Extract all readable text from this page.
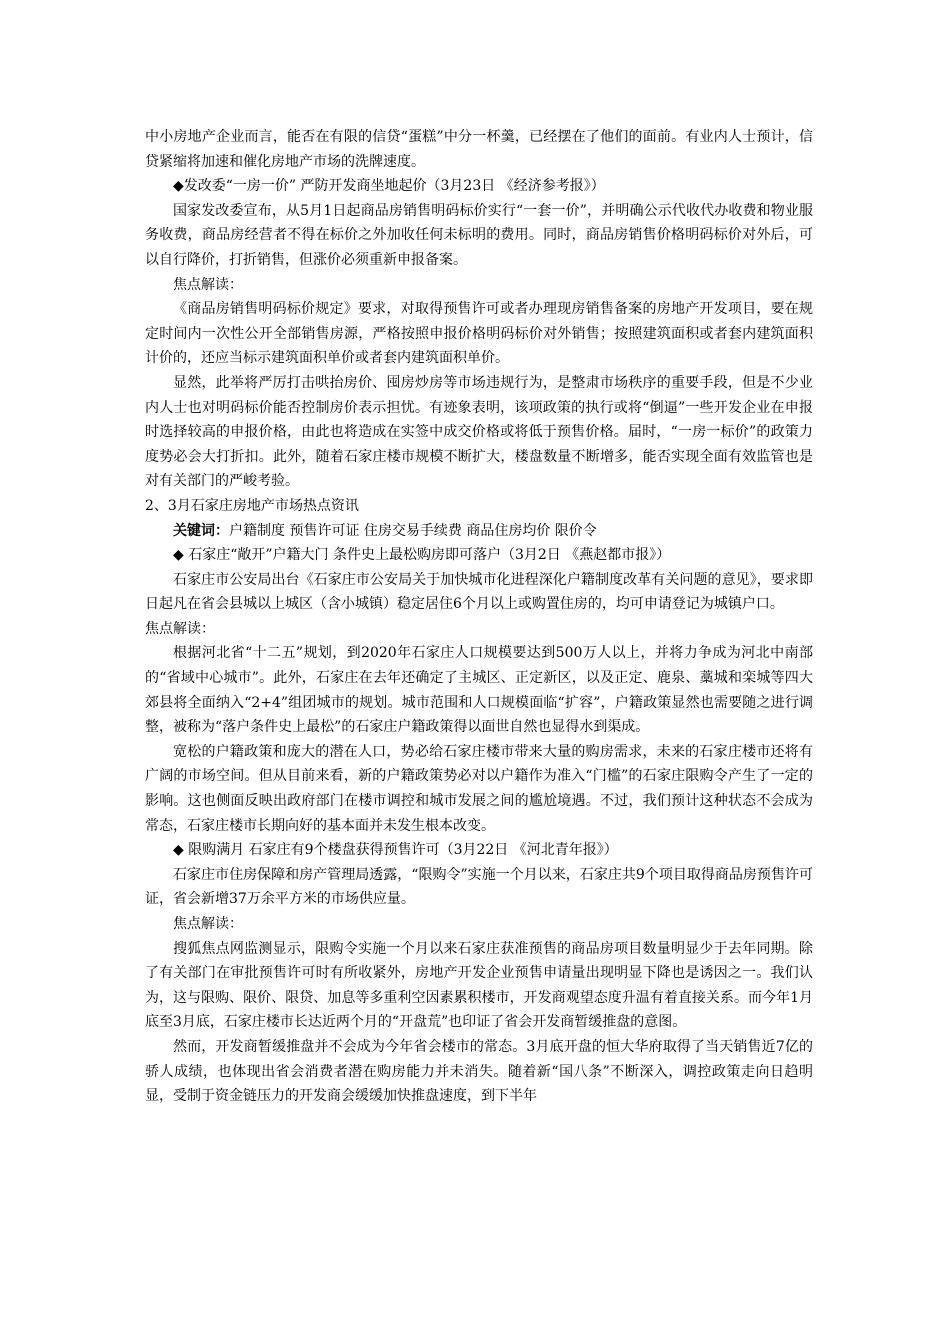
中小房地产企业而言，能否在有限的信贷“蛋糕”中分一杯羹，已经摆在了他们的面前。有业内人士预计，信贷紧缩将加速和催化房地产市场的洗牌速度。

◆发改委“一房一价” 严防开发商坐地起价（3月23日 《经济参考报》）

国家发改委宣布，从5月1日起商品房销售明码标价实行“一套一价”，并明确公示代收代办收费和物业服务收费，商品房经营者不得在标价之外加收任何未标明的费用。同时，商品房销售价格明码标价对外后，可以自行降价，打折销售，但涨价必须重新申报备案。

焦点解读：

《商品房销售明码标价规定》要求，对取得预售许可或者办理现房销售备案的房地产开发项目，要在规定时间内一次性公开全部销售房源，严格按照申报价格明码标价对外销售；按照建筑面积或者套内建筑面积计价的，还应当标示建筑面积单价或者套内建筑面积单价。

显然，此举将严厉打击哄抬房价、囤房炒房等市场违规行为，是整肃市场秩序的重要手段，但是不少业内人士也对明码标价能否控制房价表示担忧。有迹象表明，该项政策的执行或将“倒逼”一些开发企业在申报时选择较高的申报价格，由此也将造成在实签中成交价格或将低于预售价格。届时，“一房一标价”的政策力度势必会大打折扣。此外，随着石家庄楼市规模不断扩大，楼盘数量不断增多，能否实现全面有效监管也是对有关部门的严峻考验。

2、3月石家庄房地产市场热点资讯

关键词：户籍制度 预售许可证 住房交易手续费 商品住房均价 限价令

◆ 石家庄“敞开”户籍大门 条件史上最松购房即可落户（3月2日 《燕赵都市报》）

石家庄市公安局出台《石家庄市公安局关于加快城市化进程深化户籍制度改革有关问题的意见》，要求即日起凡在省会县城以上城区（含小城镇）稳定居住6个月以上或购置住房的，均可申请登记为城镇户口。

焦点解读：

根据河北省“十二五”规划，到2020年石家庄人口规模要达到500万人以上，并将力争成为河北中南部的“省域中心城市”。此外，石家庄在去年还确定了主城区、正定新区，以及正定、鹿泉、藁城和栾城等四大郊县将全面纳入“2+4”组团城市的规划。城市范围和人口规模面临“扩容”，户籍政策显然也需要随之进行调整，被称为“落户条件史上最松”的石家庄户籍政策得以面世自然也显得水到渠成。

宽松的户籍政策和庞大的潜在人口，势必给石家庄楼市带来大量的购房需求，未来的石家庄楼市还将有广阔的市场空间。但从目前来看，新的户籍政策势必对以户籍作为准入“门槛”的石家庄限购令产生了一定的影响。这也侧面反映出政府部门在楼市调控和城市发展之间的尴尬境遇。不过，我们预计这种状态不会成为常态，石家庄楼市长期向好的基本面并未发生根本改变。

◆ 限购满月 石家庄有9个楼盘获得预售许可（3月22日 《河北青年报》）

石家庄市住房保障和房产管理局透露，“限购令”实施一个月以来，石家庄共9个项目取得商品房预售许可证，省会新增37万余平方米的市场供应量。

焦点解读：

搜狐焦点网监测显示，限购令实施一个月以来石家庄获准预售的商品房项目数量明显少于去年同期。除了有关部门在审批预售许可时有所收紧外，房地产开发企业预售申请量出现明显下降也是诱因之一。我们认为，这与限购、限价、限贷、加息等多重利空因素累积楼市，开发商观望态度升温有着直接关系。而今年1月底至3月底，石家庄楼市长达近两个月的“开盘荒”也印证了省会开发商暂缓推盘的意图。

然而，开发商暂缓推盘并不会成为今年省会楼市的常态。3月底开盘的恒大华府取得了当天销售近7亿的骄人成绩，也体现出省会消费者潜在购房能力并未消失。随着新“国八条”不断深入，调控政策走向日趋明显，受制于资金链压力的开发商会缓缓加快推盘速度，到下半年
